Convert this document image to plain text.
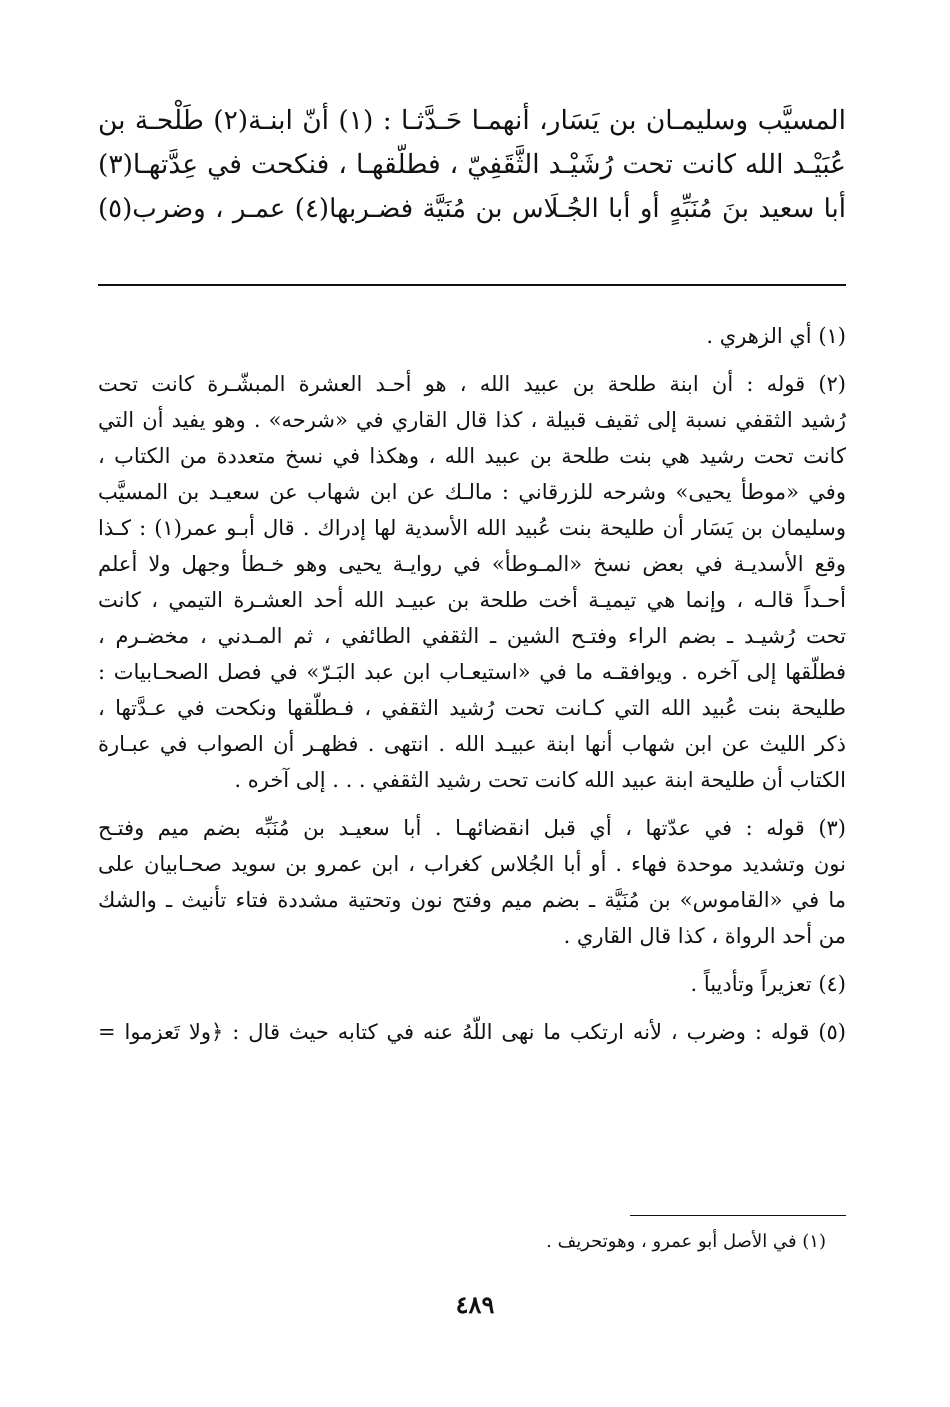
المسيَّب وسليمـان بن يَسَار، أنهمـا حَـدَّثـا : (١) أنّ ابنـة(٢) طَلْحـة بن
عُبَيْـد الله كانت تحت رُشَيْـد الثَّقَفِيّ ، فطلّقهـا ، فنكحت في عِدَّتهـا(٣)
أبا سعيد بنَ مُنَبِّهٍ أو أبا الجُـلَاس بن مُنَيَّة فضـربها(٤) عمـر ، وضرب(٥)
(١) أي الزهري .
(٢) قوله : أن ابنة طلحة بن عبيد الله ، هو أحـد العشرة المبشّـرة كانت تحت
رُشيد الثقفي نسبة إلى ثقيف قبيلة ، كذا قال القاري في «شرحه» . وهو يفيد أن التي
كانت تحت رشيد هي بنت طلحة بن عبيد الله ، وهكذا في نسخ متعددة من الكتاب ،
وفي «موطأ يحيى» وشرحه للزرقاني : مالـك عن ابن شهاب عن سعيـد بن المسيَّب
وسليمان بن يَسَار أن طليحة بنت عُبيد الله الأسدية لها إدراك . قال أبـو عمر(١) : كـذا
وقع الأسديـة في بعض نسخ «المـوطأ» في روايـة يحيى وهو خـطأ وجهل ولا أعلم
أحـداً قالـه ، وإنما هي تيميـة أخت طلحة بن عبيـد الله أحد العشـرة التيمي ، كانت
تحت رُشيـد ـ بضم الراء وفتـح الشين ـ الثقفي الطائفي ، ثم المـدني ، مخضـرم ،
فطلّقها إلى آخره . ويوافقـه ما في «استيعـاب ابن عبد البَـرّ» في فصل الصحـابيات :
طليحة بنت عُبيد الله التي كـانت تحت رُشيد الثقفي ، فـطلّقها ونكحت في عـدَّتها ،
ذكر الليث عن ابن شهاب أنها ابنة عبيـد الله . انتهى . فظهـر أن الصواب في عبـارة
الكتاب أن طليحة ابنة عبيد الله كانت تحت رشيد الثقفي . . . إلى آخره .
(٣) قوله : في عدّتها ، أي قبل انقضائهـا . أبا سعيـد بن مُنَبِّه بضم ميم وفتـح
نون وتشديد موحدة فهاء . أو أبا الجُلاس كغراب ، ابن عمرو بن سويد صحـابيان على
ما في «القاموس» بن مُنَيَّة ـ بضم ميم وفتح نون وتحتية مشددة فتاء تأنيث ـ والشك
من أحد الرواة ، كذا قال القاري .
(٤) تعزيراً وتأديباً .
(٥) قوله : وضرب ، لأنه ارتكب ما نهى اللّهُ عنه في كتابه حيث قال : ﴿ولا تَعزموا =
(١) في الأصل أبو عمرو ، وهوتحريف .
٤٨٩
